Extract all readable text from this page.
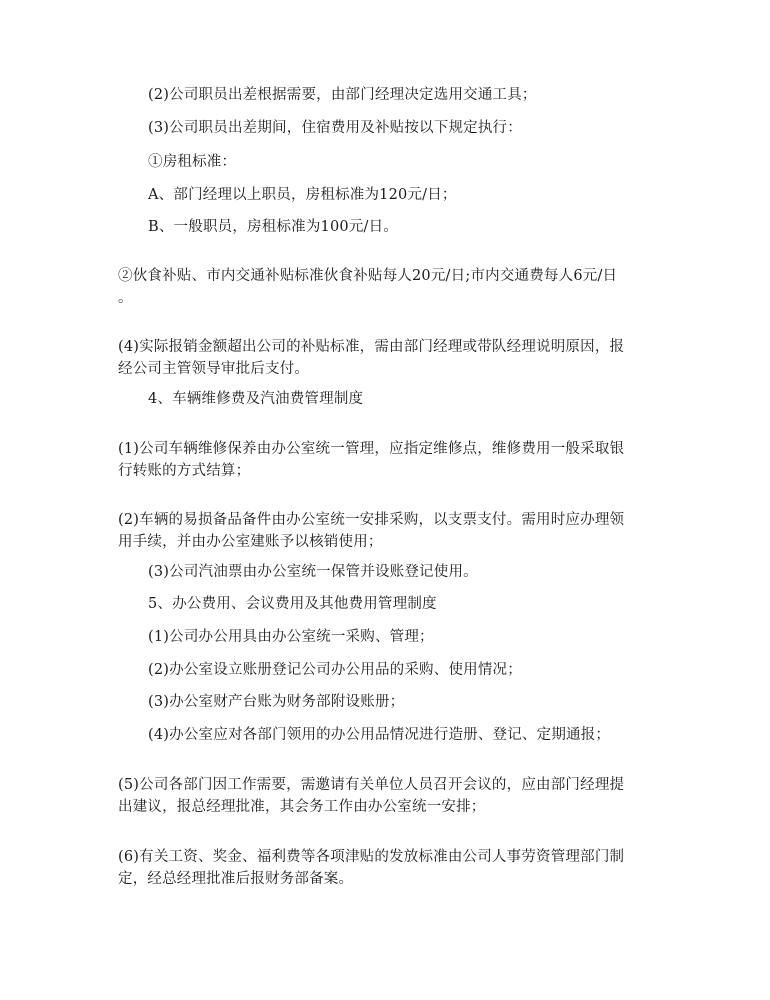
(2)公司职员出差根据需要，由部门经理决定选用交通工具；
(3)公司职员出差期间，住宿费用及补贴按以下规定执行：
①房租标准：
A、部门经理以上职员，房租标准为120元/日；
B、一般职员，房租标准为100元/日。
②伙食补贴、市内交通补贴标准伙食补贴每人20元/日;市内交通费每人6元/日
。
(4)实际报销金额超出公司的补贴标准，需由部门经理或带队经理说明原因，报
经公司主管领导审批后支付。
4、车辆维修费及汽油费管理制度
(1)公司车辆维修保养由办公室统一管理，应指定维修点，维修费用一般采取银
行转账的方式结算；
(2)车辆的易损备品备件由办公室统一安排采购，以支票支付。需用时应办理领
用手续，并由办公室建账予以核销使用；
(3)公司汽油票由办公室统一保管并设账登记使用。
5、办公费用、会议费用及其他费用管理制度
(1)公司办公用具由办公室统一采购、管理；
(2)办公室设立账册登记公司办公用品的采购、使用情况；
(3)办公室财产台账为财务部附设账册；
(4)办公室应对各部门领用的办公用品情况进行造册、登记、定期通报；
(5)公司各部门因工作需要，需邀请有关单位人员召开会议的，应由部门经理提
出建议，报总经理批准，其会务工作由办公室统一安排；
(6)有关工资、奖金、福利费等各项津贴的发放标准由公司人事劳资管理部门制
定，经总经理批准后报财务部备案。
